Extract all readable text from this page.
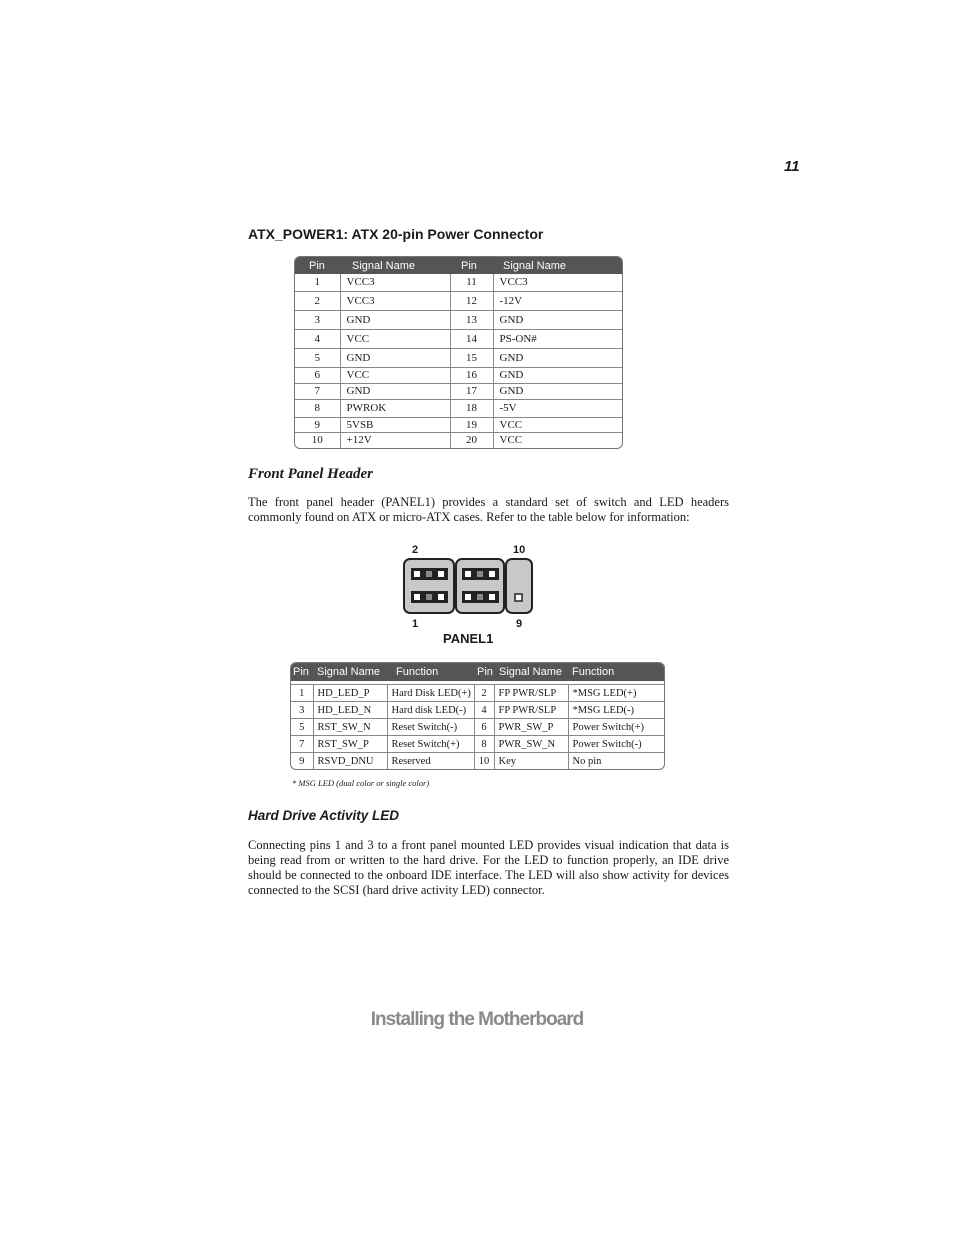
11
ATX_POWER1: ATX 20-pin Power Connector
Pin	Signal Name	Pin	Signal Name
1	VCC3	11	VCC3
2	VCC3	12	-12V
3	GND	13	GND
4	VCC	14	PS-ON#
5	GND	15	GND
6	VCC	16	GND
7	GND	17	GND
8	PWROK	18	-5V
9	5VSB	19	VCC
10	+12V	20	VCC
Front Panel Header
The front panel header (PANEL1) provides a standard set of switch and LED headers commonly found on ATX or micro-ATX cases. Refer to the table below for information:
2	10
1	9
PANEL1
Pin	Signal Name	Function	Pin	Signal Name	Function

1	HD_LED_P	Hard Disk LED(+)	2	FP PWR/SLP	*MSG LED(+)
3	HD_LED_N	Hard disk LED(-)	4	FP PWR/SLP	*MSG LED(-)
5	RST_SW_N	Reset Switch(-)	6	PWR_SW_P	Power Switch(+)
7	RST_SW_P	Reset Switch(+)	8	PWR_SW_N	Power Switch(-)
9	RSVD_DNU	Reserved	10	Key	No pin
* MSG LED (dual color or single color)
Hard Drive Activity LED
Connecting pins 1 and 3 to a front panel mounted LED provides visual indication that data is being read from or written to the hard drive. For the LED to function properly, an IDE drive should be connected to the onboard IDE interface. The LED will also show activity for devices connected to the SCSI (hard drive activity LED) connector.
Installing the Motherboard
